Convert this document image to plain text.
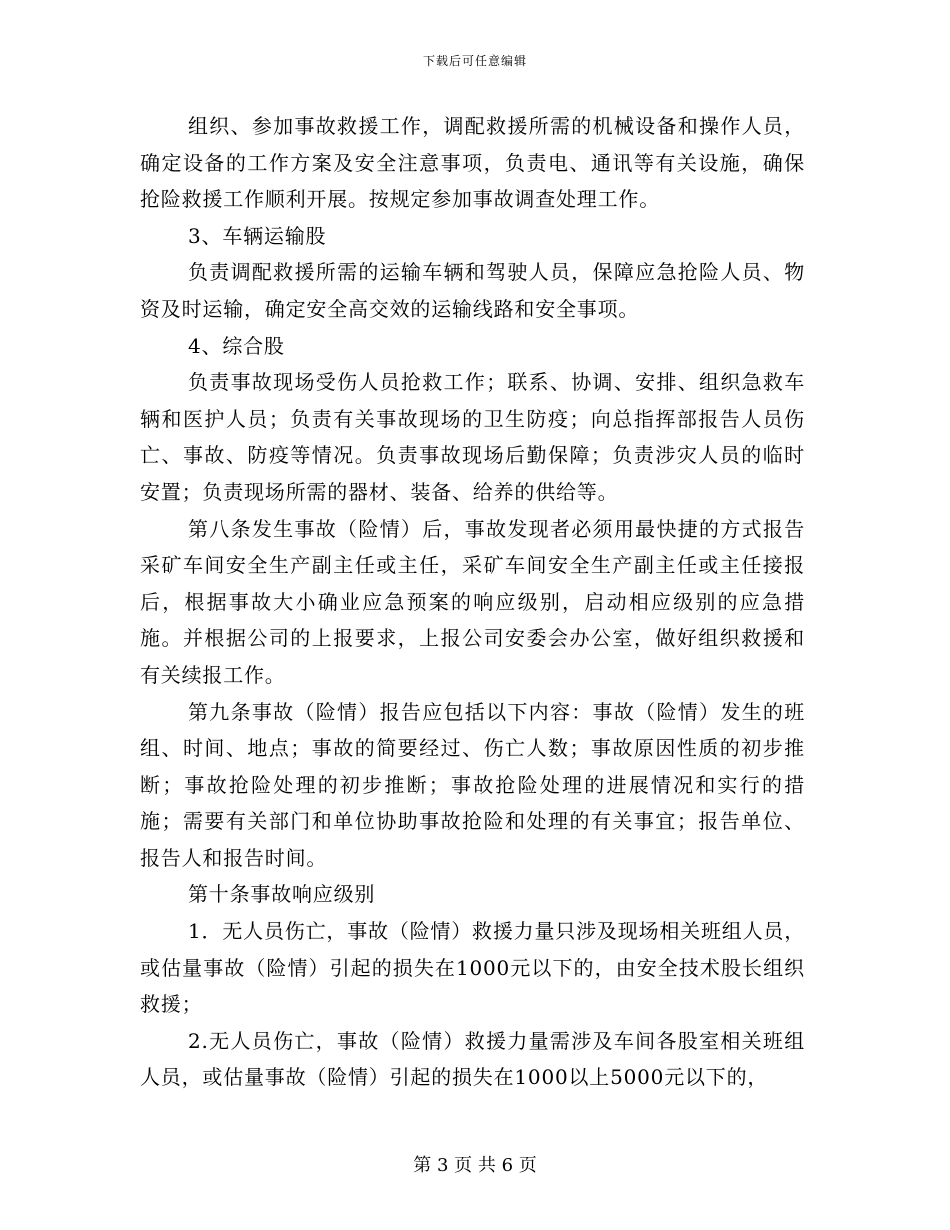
下载后可任意编辑

组织、参加事故救援工作，调配救援所需的机械设备和操作人员，确定设备的工作方案及安全注意事项，负责电、通讯等有关设施，确保抢险救援工作顺利开展。按规定参加事故调查处理工作。

3、车辆运输股

负责调配救援所需的运输车辆和驾驶人员，保障应急抢险人员、物资及时运输，确定安全高交效的运输线路和安全事项。

4、综合股

负责事故现场受伤人员抢救工作；联系、协调、安排、组织急救车辆和医护人员；负责有关事故现场的卫生防疫；向总指挥部报告人员伤亡、事故、防疫等情况。负责事故现场后勤保障；负责涉灾人员的临时安置；负责现场所需的器材、装备、给养的供给等。

第八条发生事故（险情）后，事故发现者必须用最快捷的方式报告采矿车间安全生产副主任或主任，采矿车间安全生产副主任或主任接报后，根据事故大小确业应急预案的响应级别，启动相应级别的应急措施。并根据公司的上报要求，上报公司安委会办公室，做好组织救援和有关续报工作。

第九条事故（险情）报告应包括以下内容：事故（险情）发生的班组、时间、地点；事故的简要经过、伤亡人数；事故原因性质的初步推断；事故抢险处理的初步推断；事故抢险处理的进展情况和实行的措施；需要有关部门和单位协助事故抢险和处理的有关事宜；报告单位、报告人和报告时间。

第十条事故响应级别

1．无人员伤亡，事故（险情）救援力量只涉及现场相关班组人员，或估量事故（险情）引起的损失在1000元以下的，由安全技术股长组织救援；

2.无人员伤亡，事故（险情）救援力量需涉及车间各股室相关班组人员，或估量事故（险情）引起的损失在1000以上5000元以下的，

第 3 页 共 6 页
